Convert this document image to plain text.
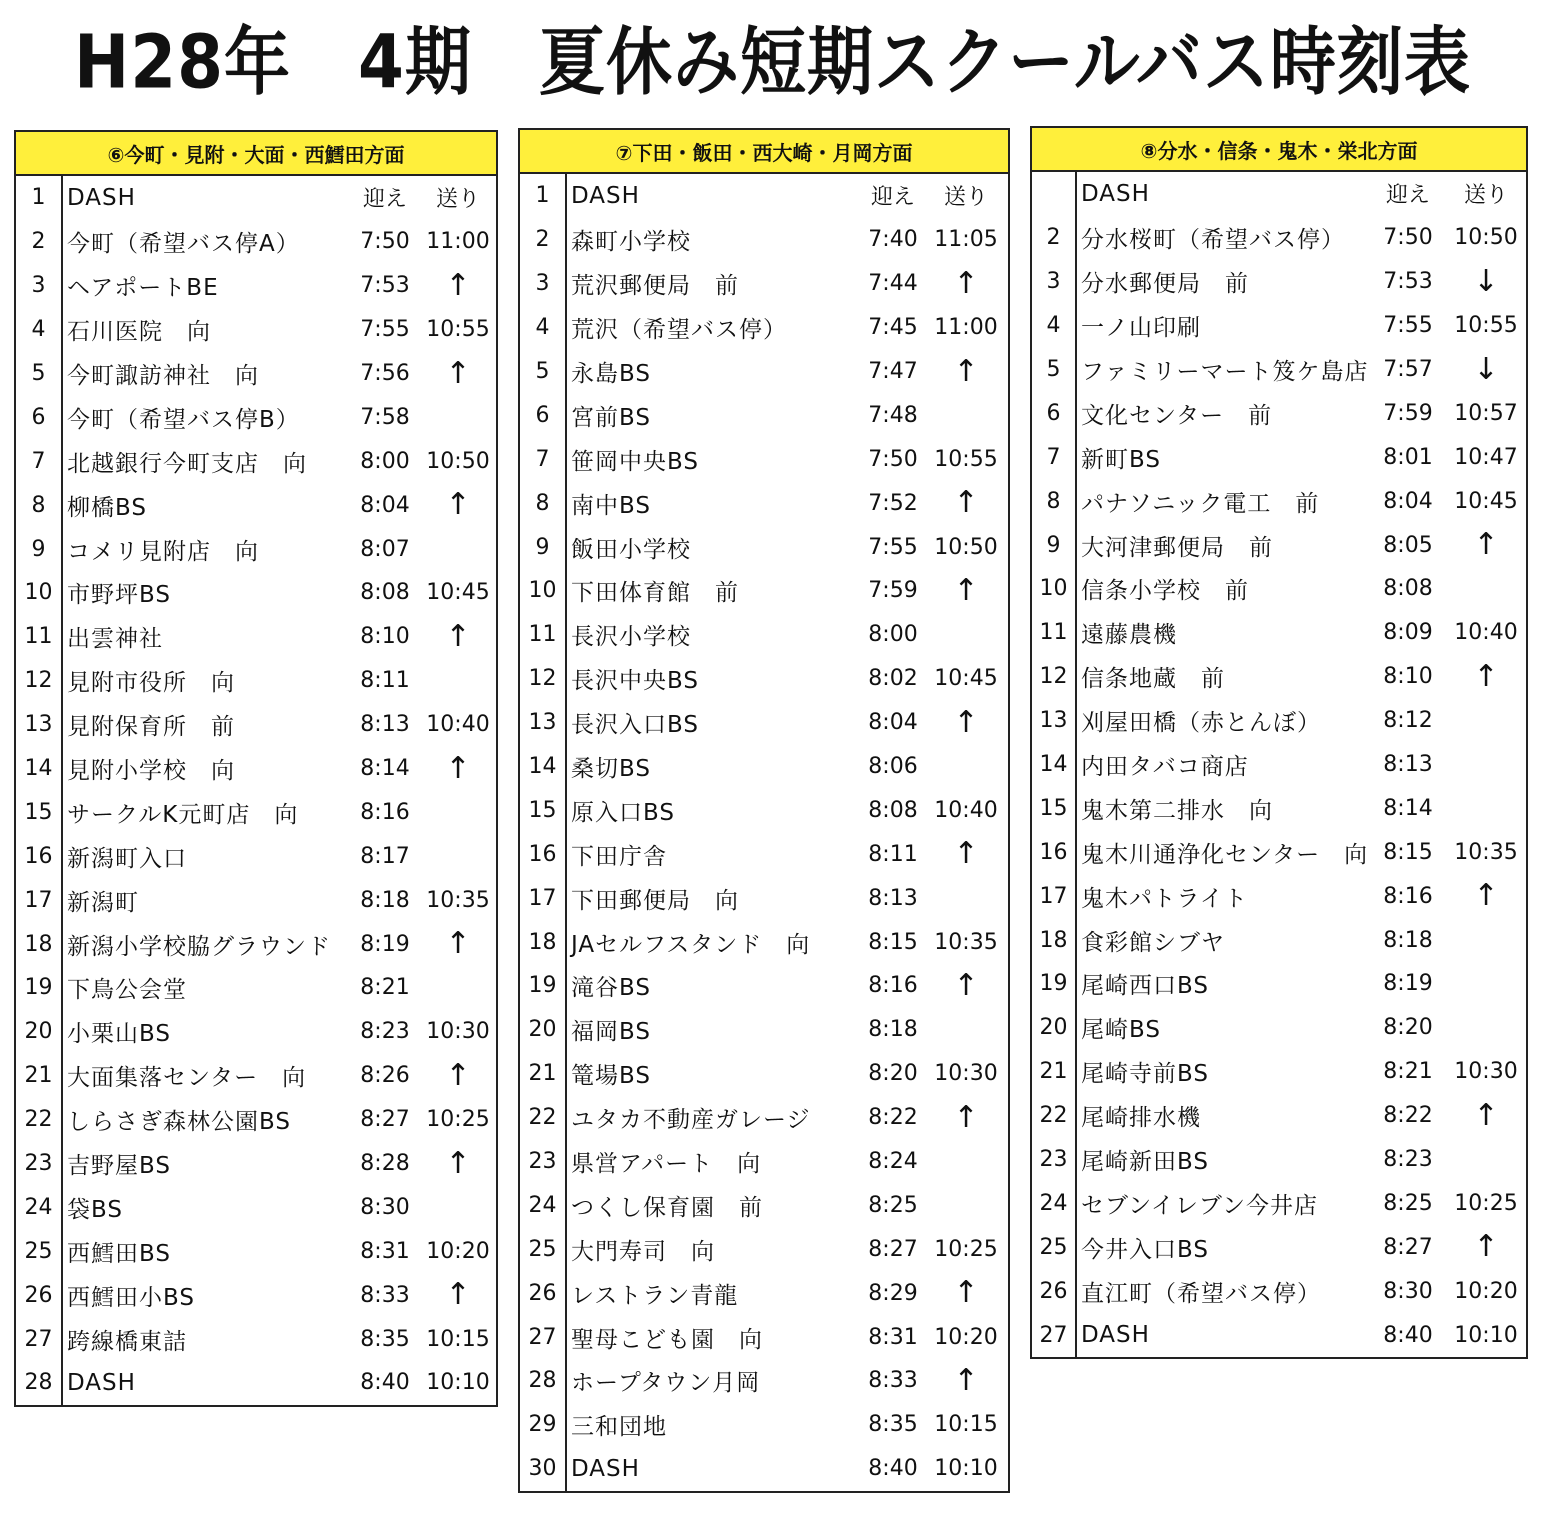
H28年　4期　夏休み短期スクールバス時刻表
⑥今町・見附・大面・西鱈田方面
1	DASH	迎え	送り
2	今町（希望バス停A）	7:50	11:00
3	ヘアポートBE	7:53	↑
4	石川医院　向	7:55	10:55
5	今町諏訪神社　向	7:56	↑
6	今町（希望バス停B）	7:58	
7	北越銀行今町支店　向	8:00	10:50
8	柳橋BS	8:04	↑
9	コメリ見附店　向	8:07	
10	市野坪BS	8:08	10:45
11	出雲神社	8:10	↑
12	見附市役所　向	8:11	
13	見附保育所　前	8:13	10:40
14	見附小学校　向	8:14	↑
15	サークルK元町店　向	8:16	
16	新潟町入口	8:17	
17	新潟町	8:18	10:35
18	新潟小学校脇グラウンド	8:19	↑
19	下鳥公会堂	8:21	
20	小栗山BS	8:23	10:30
21	大面集落センター　向	8:26	↑
22	しらさぎ森林公園BS	8:27	10:25
23	吉野屋BS	8:28	↑
24	袋BS	8:30	
25	西鱈田BS	8:31	10:20
26	西鱈田小BS	8:33	↑
27	跨線橋東詰	8:35	10:15
28	DASH	8:40	10:10
⑦下田・飯田・西大崎・月岡方面
1	DASH	迎え	送り
2	森町小学校	7:40	11:05
3	荒沢郵便局　前	7:44	↑
4	荒沢（希望バス停）	7:45	11:00
5	永島BS	7:47	↑
6	宮前BS	7:48	
7	笹岡中央BS	7:50	10:55
8	南中BS	7:52	↑
9	飯田小学校	7:55	10:50
10	下田体育館　前	7:59	↑
11	長沢小学校	8:00	
12	長沢中央BS	8:02	10:45
13	長沢入口BS	8:04	↑
14	桑切BS	8:06	
15	原入口BS	8:08	10:40
16	下田庁舎	8:11	↑
17	下田郵便局　向	8:13	
18	JAセルフスタンド　向	8:15	10:35
19	滝谷BS	8:16	↑
20	福岡BS	8:18	
21	篭場BS	8:20	10:30
22	ユタカ不動産ガレージ	8:22	↑
23	県営アパート　向	8:24	
24	つくし保育園　前	8:25	
25	大門寿司　向	8:27	10:25
26	レストラン青龍	8:29	↑
27	聖母こども園　向	8:31	10:20
28	ホープタウン月岡	8:33	↑
29	三和団地	8:35	10:15
30	DASH	8:40	10:10
⑧分水・信条・鬼木・栄北方面
	DASH	迎え	送り
2	分水桜町（希望バス停）	7:50	10:50
3	分水郵便局　前	7:53	↓
4	一ノ山印刷	7:55	10:55
5	ファミリーマート笈ケ島店	7:57	↓
6	文化センター　前	7:59	10:57
7	新町BS	8:01	10:47
8	パナソニック電工　前	8:04	10:45
9	大河津郵便局　前	8:05	↑
10	信条小学校　前	8:08	
11	遠藤農機	8:09	10:40
12	信条地蔵　前	8:10	↑
13	刈屋田橋（赤とんぼ）	8:12	
14	内田タバコ商店	8:13	
15	鬼木第二排水　向	8:14	
16	鬼木川通浄化センター　向	8:15	10:35
17	鬼木パトライト	8:16	↑
18	食彩館シブヤ	8:18	
19	尾崎西口BS	8:19	
20	尾崎BS	8:20	
21	尾崎寺前BS	8:21	10:30
22	尾崎排水機	8:22	↑
23	尾崎新田BS	8:23	
24	セブンイレブン今井店	8:25	10:25
25	今井入口BS	8:27	↑
26	直江町（希望バス停）	8:30	10:20
27	DASH	8:40	10:10
